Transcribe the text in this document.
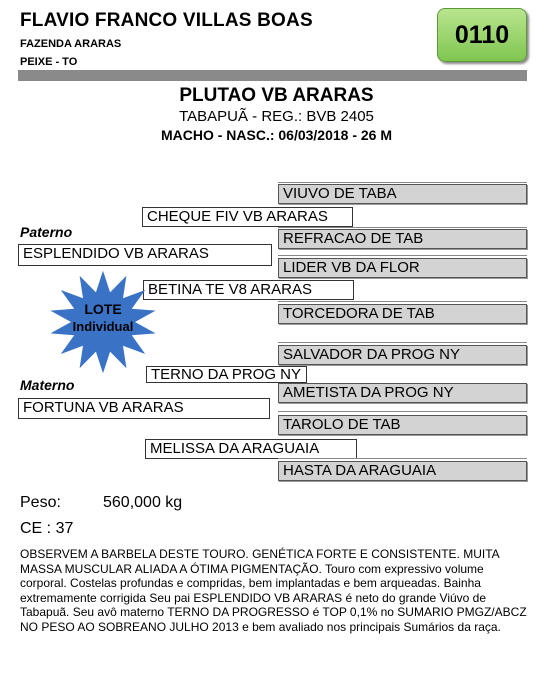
FLAVIO FRANCO VILLAS BOAS
FAZENDA ARARAS
PEIXE - TO
0110
PLUTAO VB ARARAS
TABAPUÃ - REG.: BVB 2405
MACHO - NASC.: 06/03/2018 - 26 M
VIUVO DE TABA
CHEQUE FIV VB ARARAS
REFRACAO DE TAB
Paterno
ESPLENDIDO VB ARARAS
LIDER VB DA FLOR
BETINA TE V8 ARARAS
TORCEDORA DE TAB
LOTE
Individual
SALVADOR DA PROG NY
TERNO DA PROG NY
Materno	AMETISTA DA PROG NY
FORTUNA VB ARARAS
TAROLO DE TAB
MELISSA DA ARAGUAIA
HASTA DA ARAGUAIA
Peso:	560,000 kg
CE : 37
OBSERVEM A BARBELA DESTE TOURO. GENÉTICA FORTE E CONSISTENTE. MUITA MASSA MUSCULAR ALIADA A ÓTIMA PIGMENTAÇÃO. Touro com expressivo volume corporal. Costelas profundas e compridas, bem implantadas e bem arqueadas. Bainha extremamente corrigida Seu pai ESPLENDIDO VB ARARAS é neto do grande Viúvo de Tabapuã. Seu avô materno TERNO DA PROGRESSO é TOP 0,1% no SUMARIO PMGZ/ABCZ NO PESO AO SOBREANO JULHO 2013 e bem avaliado nos principais Sumários da raça.
